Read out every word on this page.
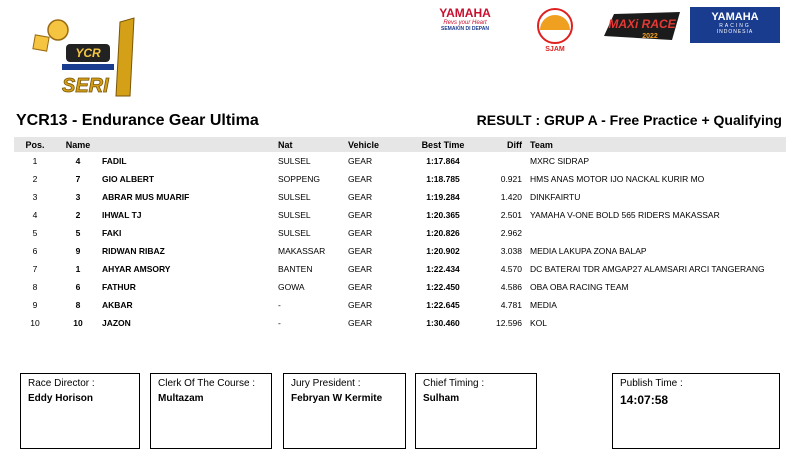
YCR
SERI
YAMAHA
Revs your Heart
SEMAKIN DI DEPAN
SJAM
MAXi RACE
2022
YAMAHA
RACING
INDONESIA
YCR13 - Endurance Gear Ultima	RESULT : GRUP A - Free Practice + Qualifying
Pos.	Name		Nat	Vehicle	Best Time	Diff	Team
1	4	FADIL	SULSEL	GEAR	1:17.864		MXRC SIDRAP
2	7	GIO ALBERT	SOPPENG	GEAR	1:18.785	0.921	HMS ANAS MOTOR IJO NACKAL KURIR MO
3	3	ABRAR MUS MUARIF	SULSEL	GEAR	1:19.284	1.420	DINKFAIRTU
4	2	IHWAL TJ	SULSEL	GEAR	1:20.365	2.501	YAMAHA V-ONE BOLD 565 RIDERS MAKASSAR
5	5	FAKI	SULSEL	GEAR	1:20.826	2.962	
6	9	RIDWAN RIBAZ	MAKASSAR	GEAR	1:20.902	3.038	MEDIA LAKUPA ZONA BALAP
7	1	AHYAR AMSORY	BANTEN	GEAR	1:22.434	4.570	DC BATERAI TDR AMGAP27 ALAMSARI ARCI TANGERANG
8	6	FATHUR	GOWA	GEAR	1:22.450	4.586	OBA OBA RACING TEAM
9	8	AKBAR	-	GEAR	1:22.645	4.781	MEDIA
10	10	JAZON	-	GEAR	1:30.460	12.596	KOL
Race Director :
Eddy Horison
Clerk Of The Course :
Multazam
Jury President :
Febryan W Kermite
Chief Timing :
Sulham
Publish Time :
14:07:58
